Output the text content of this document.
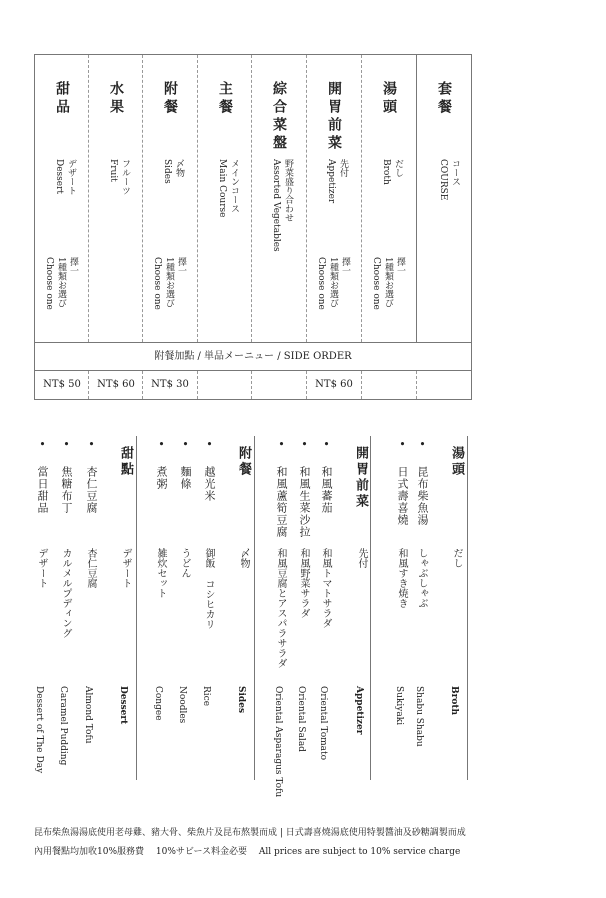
套餐
コース
COURSE
湯頭
だし
Broth
擇一
1種類お選び
Choose one
開胃前菜
先付
Appetizer
擇一
1種類お選び
Choose one
綜合菜盤
野菜盛り合わせ
Assorted Vegetables
主餐
メインコース
Main Course
附餐
〆物
Sides
擇一
1種類お選び
Choose one
水果
フルーツ
Fruit
甜品
デザート
Dessert
擇一
1種類お選び
Choose one
附餐加點 / 単品メーニュー / SIDE ORDER
NT$ 60
NT$ 30
NT$ 60
NT$ 50
湯頭
だし
Broth
• 昆布柴魚湯
• 日式壽喜燒
しゃぶしゃぶ
和風すき焼き
Shabu Shabu
Sukiyaki
開胃前菜
先付
Appetizer
• 和風蕃茄
• 和風生菜沙拉
• 和風蘆筍豆腐
和風トマトサラダ
和風野菜サラダ
和風豆腐とアスパラサラダ
Oriental Tomato
Oriental Salad
Oriental Asparagus Tofu
附餐
〆物
Sides
• 越光米
• 麵條
• 煮粥
御飯 コシヒカリ
うどん
雑炊セット
Rice
Noodles
Congee
甜點
デザート
Dessert
• 杏仁豆腐
• 焦糖布丁
• 當日甜品
杏仁豆腐
カルメルプディング
デザート
Almond Tofu
Caramel Pudding
Dessert of The Day
昆布柴魚湯湯底使用老母雞、豬大骨、柴魚片及昆布熬製而成 | 日式壽喜燒湯底使用特製醬油及砂糖調製而成
內用餐點均加收10%服務費　 10%サビース料金必要　 All prices are subject to 10% service charge
